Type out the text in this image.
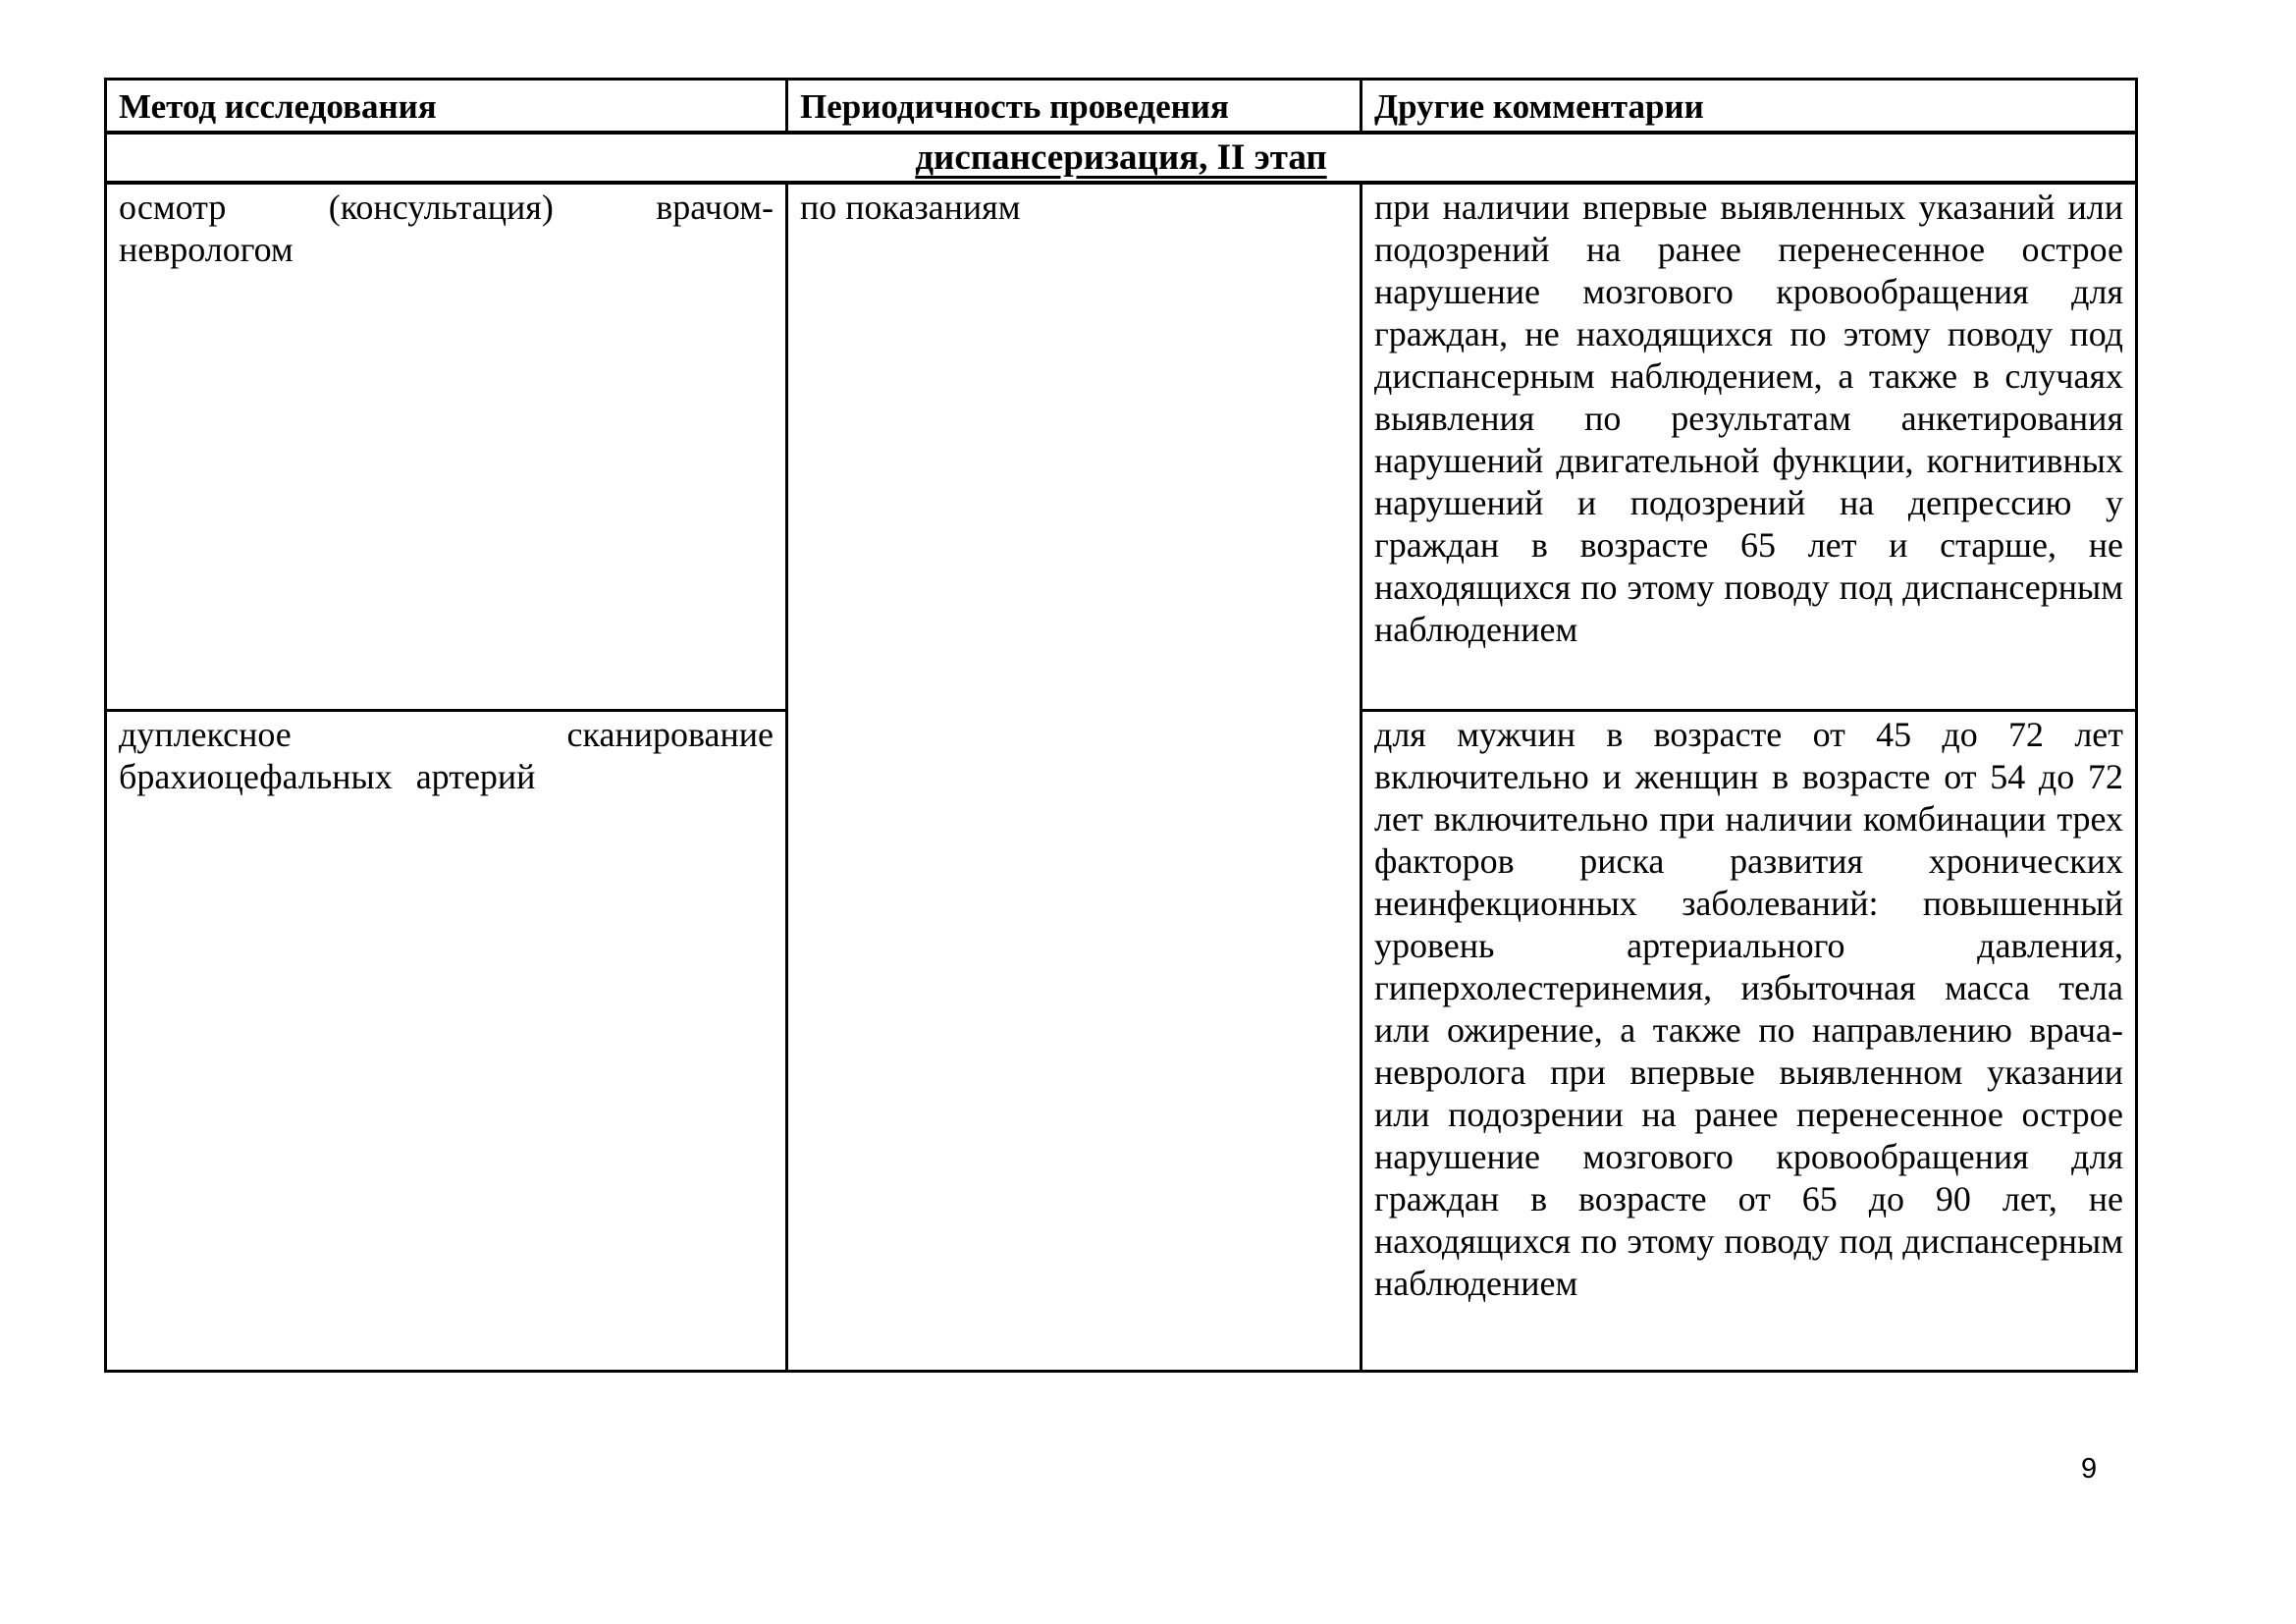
Метод исследования	Периодичность проведения	Другие комментарии
диспансеризация, II этап		
осмотр (консультация) врачом-неврологом	по показаниям	при наличии впервые выявленных указаний или подозрений на ранее перенесенное острое нарушение мозгового кровообращения для граждан, не находящихся по этому поводу под диспансерным наблюдением, а также в случаях выявления по результатам анкетирования нарушений двигательной функции, когнитивных нарушений и подозрений на депрессию у граждан в возрасте 65 лет и старше, не находящихся по этому поводу под диспансерным наблюдением
дуплексное сканирование брахиоцефальных артерий		для мужчин в возрасте от 45 до 72 лет включительно и женщин в возрасте от 54 до 72 лет включительно при наличии комбинации трех факторов риска развития хронических неинфекционных заболеваний: повышенный уровень артериального давления, гиперхолестеринемия, избыточная масса тела или ожирение, а также по направлению врача-невролога при впервые выявленном указании или подозрении на ранее перенесенное острое нарушение мозгового кровообращения для граждан в возрасте от 65 до 90 лет, не находящихся по этому поводу под диспансерным наблюдением
9
